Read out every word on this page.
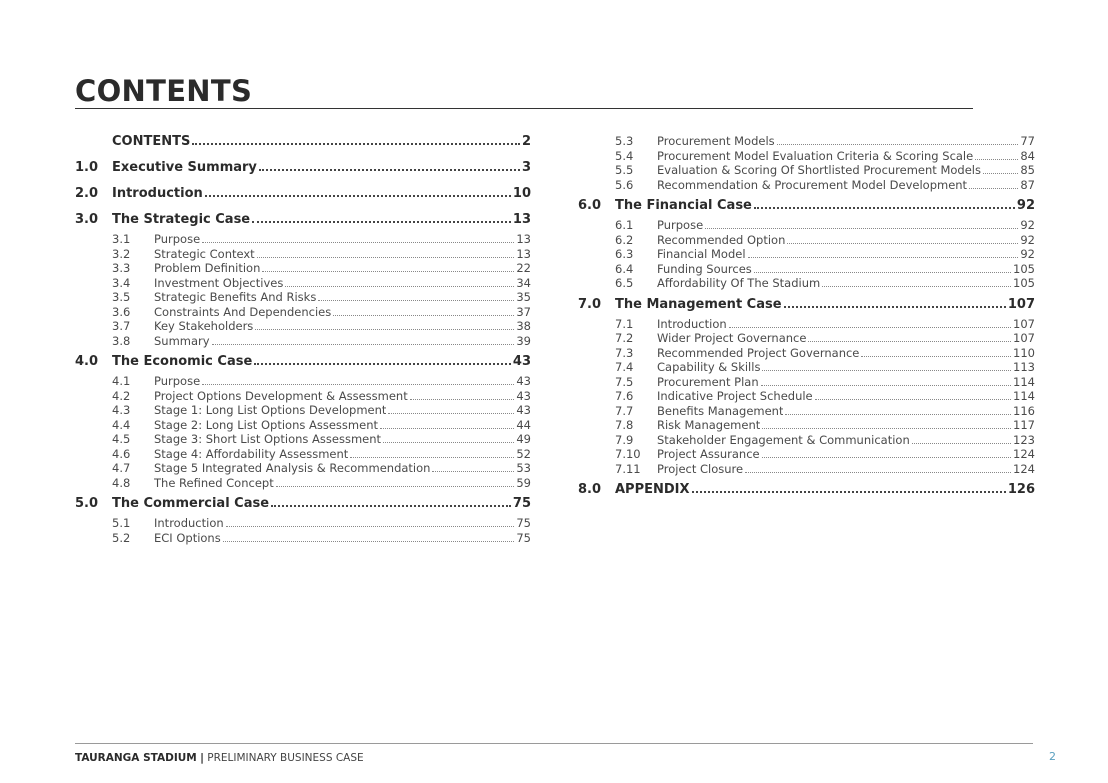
CONTENTS
CONTENTS	2
1.0	Executive Summary	3
2.0	Introduction	10
3.0	The Strategic Case	13
3.1	Purpose	13
3.2	Strategic Context	13
3.3	Problem Definition	22
3.4	Investment Objectives	34
3.5	Strategic Benefits And Risks	35
3.6	Constraints And Dependencies	37
3.7	Key Stakeholders	38
3.8	Summary	39
4.0	The Economic Case	43
4.1	Purpose	43
4.2	Project Options Development & Assessment	43
4.3	Stage 1: Long List Options Development	43
4.4	Stage 2: Long List Options Assessment	44
4.5	Stage 3: Short List Options Assessment	49
4.6	Stage 4: Affordability Assessment	52
4.7	Stage 5 Integrated Analysis & Recommendation	53
4.8	The Refined Concept	59
5.0	The Commercial Case	75
5.1	Introduction	75
5.2	ECI Options	75
5.3	Procurement Models	77
5.4	Procurement Model Evaluation Criteria & Scoring Scale	84
5.5	Evaluation & Scoring Of Shortlisted Procurement Models	85
5.6	Recommendation & Procurement Model Development	87
6.0	The Financial Case	92
6.1	Purpose	92
6.2	Recommended Option	92
6.3	Financial Model	92
6.4	Funding Sources	105
6.5	Affordability Of The Stadium	105
7.0	The Management Case	107
7.1	Introduction	107
7.2	Wider Project Governance	107
7.3	Recommended Project Governance	110
7.4	Capability & Skills	113
7.5	Procurement Plan	114
7.6	Indicative Project Schedule	114
7.7	Benefits Management	116
7.8	Risk Management	117
7.9	Stakeholder Engagement & Communication	123
7.10	Project Assurance	124
7.11	Project Closure	124
8.0	APPENDIX	126
TAURANGA STADIUM | PRELIMINARY BUSINESS CASE	2
